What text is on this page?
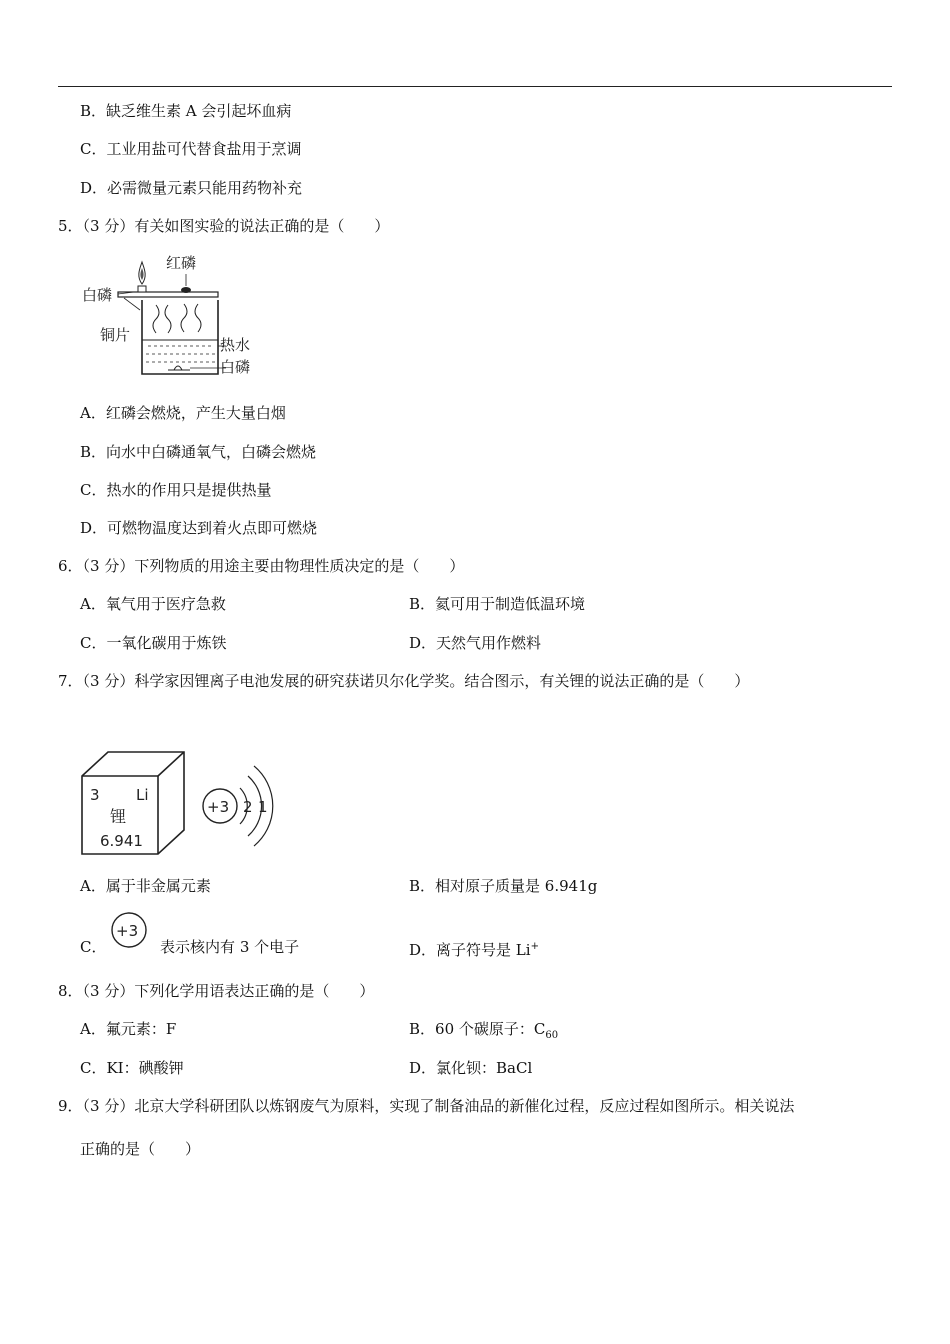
B．缺乏维生素 A 会引起坏血病
C．工业用盐可代替食盐用于烹调
D．必需微量元素只能用药物补充
5．（3 分）有关如图实验的说法正确的是（　　）
红磷
白磷
铜片
热水
白磷
A．红磷会燃烧，产生大量白烟
B．向水中白磷通氧气，白磷会燃烧
C．热水的作用只是提供热量
D．可燃物温度达到着火点即可燃烧
6．（3 分）下列物质的用途主要由物理性质决定的是（　　）
A．氧气用于医疗急救	B．氦可用于制造低温环境
C．一氧化碳用于炼铁	D．天然气用作燃料
7．（3 分）科学家因锂离子电池发展的研究获诺贝尔化学奖。结合图示，有关锂的说法正确的是（　　）
3 Li
锂
6.941
+3 2 1
A．属于非金属元素	B．相对原子质量是 6.941g
C．
+3
表示核内有 3 个电子	D．离子符号是 Li+
8．（3 分）下列化学用语表达正确的是（　　）
A．氟元素：F	B．60 个碳原子：$C_{60}$
C．KI：碘酸钾	D．氯化钡：BaCl
9．（3 分）北京大学科研团队以炼钢废气为原料，实现了制备油品的新催化过程，反应过程如图所示。相关说法
正确的是（　　）
